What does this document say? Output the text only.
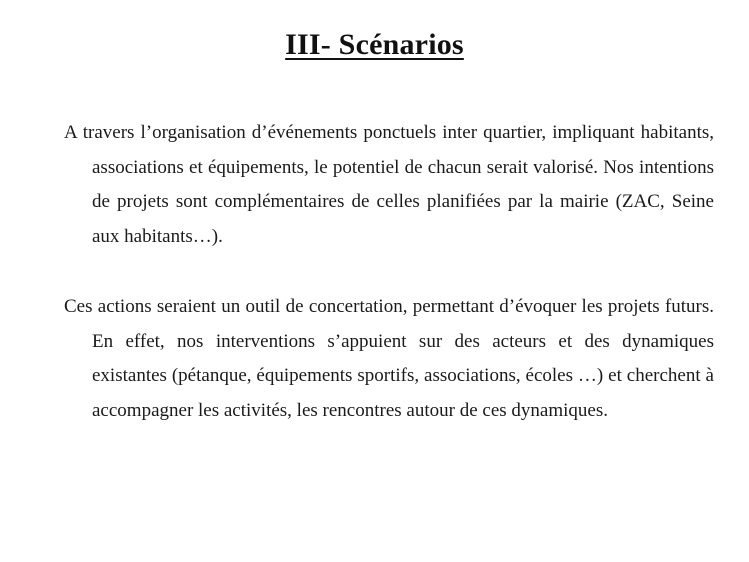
III- Scénarios

A travers l’organisation d’événements ponctuels inter quartier, impliquant habitants, associations et équipements, le potentiel de chacun serait valorisé. Nos intentions de projets sont complémentaires de celles planifiées par la mairie (ZAC, Seine aux habitants…).

Ces actions seraient un outil de concertation, permettant d’évoquer les projets futurs. En effet, nos interventions s’appuient sur des acteurs et des dynamiques existantes (pétanque, équipements sportifs, associations, écoles …) et cherchent à accompagner les activités, les rencontres autour de ces dynamiques.
